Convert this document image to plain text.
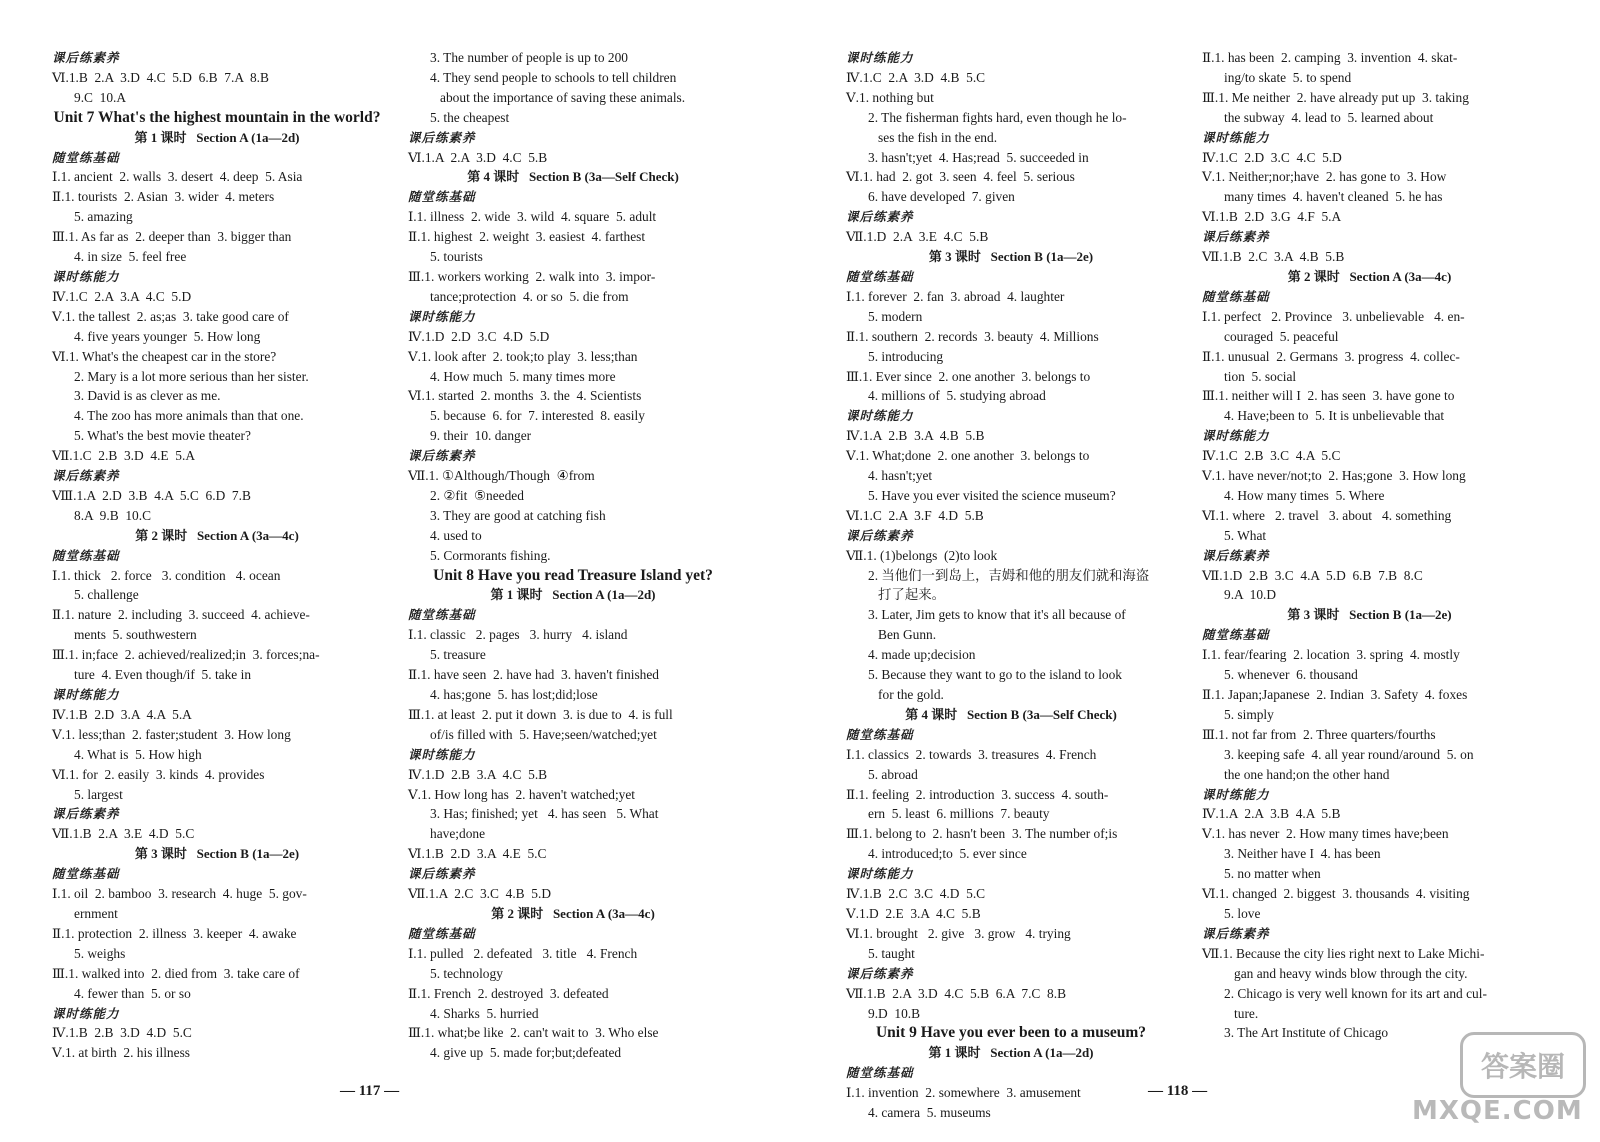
课后练素养
Ⅵ.1.B  2.A  3.D  4.C  5.D  6.B  7.A  8.B
9.C  10.A
Unit 7 What's the highest mountain in the world?
第 1 课时   Section A (1a—2d)
随堂练基础
Ⅰ.1. ancient  2. walls  3. desert  4. deep  5. Asia
Ⅱ.1. tourists  2. Asian  3. wider  4. meters
5. amazing
Ⅲ.1. As far as  2. deeper than  3. bigger than
4. in size  5. feel free
课时练能力
Ⅳ.1.C  2.A  3.A  4.C  5.D
Ⅴ.1. the tallest  2. as;as  3. take good care of
4. five years younger  5. How long
Ⅵ.1. What's the cheapest car in the store?
2. Mary is a lot more serious than her sister.
3. David is as clever as me.
4. The zoo has more animals than that one.
5. What's the best movie theater?
Ⅶ.1.C  2.B  3.D  4.E  5.A
课后练素养
Ⅷ.1.A  2.D  3.B  4.A  5.C  6.D  7.B
8.A  9.B  10.C
第 2 课时   Section A (3a—4c)
随堂练基础
Ⅰ.1. thick   2. force   3. condition   4. ocean
5. challenge
Ⅱ.1. nature  2. including  3. succeed  4. achieve-
ments  5. southwestern
Ⅲ.1. in;face  2. achieved/realized;in  3. forces;na-
ture  4. Even though/if  5. take in
课时练能力
Ⅳ.1.B  2.D  3.A  4.A  5.A
Ⅴ.1. less;than  2. faster;student  3. How long
4. What is  5. How high
Ⅵ.1. for  2. easily  3. kinds  4. provides
5. largest
课后练素养
Ⅶ.1.B  2.A  3.E  4.D  5.C
第 3 课时   Section B (1a—2e)
随堂练基础
Ⅰ.1. oil  2. bamboo  3. research  4. huge  5. gov-
ernment
Ⅱ.1. protection  2. illness  3. keeper  4. awake
5. weighs
Ⅲ.1. walked into  2. died from  3. take care of
4. fewer than  5. or so
课时练能力
Ⅳ.1.B  2.B  3.D  4.D  5.C
Ⅴ.1. at birth  2. his illness
3. The number of people is up to 200
4. They send people to schools to tell children
about the importance of saving these animals.
5. the cheapest
课后练素养
Ⅵ.1.A  2.A  3.D  4.C  5.B
第 4 课时   Section B (3a—Self Check)
随堂练基础
Ⅰ.1. illness  2. wide  3. wild  4. square  5. adult
Ⅱ.1. highest  2. weight  3. easiest  4. farthest
5. tourists
Ⅲ.1. workers working  2. walk into  3. impor-
tance;protection  4. or so  5. die from
课时练能力
Ⅳ.1.D  2.D  3.C  4.D  5.D
Ⅴ.1. look after  2. took;to play  3. less;than
4. How much  5. many times more
Ⅵ.1. started  2. months  3. the  4. Scientists
5. because  6. for  7. interested  8. easily
9. their  10. danger
课后练素养
Ⅶ.1. ①Although/Though  ④from
2. ②fit  ⑤needed
3. They are good at catching fish
4. used to
5. Cormorants fishing.
Unit 8 Have you read Treasure Island yet?
第 1 课时   Section A (1a—2d)
随堂练基础
Ⅰ.1. classic   2. pages   3. hurry   4. island
5. treasure
Ⅱ.1. have seen  2. have had  3. haven't finished
4. has;gone  5. has lost;did;lose
Ⅲ.1. at least  2. put it down  3. is due to  4. is full
of/is filled with  5. Have;seen/watched;yet
课时练能力
Ⅳ.1.D  2.B  3.A  4.C  5.B
Ⅴ.1. How long has  2. haven't watched;yet
3. Has; finished; yet   4. has seen   5. What
have;done
Ⅵ.1.B  2.D  3.A  4.E  5.C
课后练素养
Ⅶ.1.A  2.C  3.C  4.B  5.D
第 2 课时   Section A (3a—4c)
随堂练基础
Ⅰ.1. pulled   2. defeated   3. title   4. French
5. technology
Ⅱ.1. French  2. destroyed  3. defeated
4. Sharks  5. hurried
Ⅲ.1. what;be like  2. can't wait to  3. Who else
4. give up  5. made for;but;defeated
课时练能力
Ⅳ.1.C  2.A  3.D  4.B  5.C
Ⅴ.1. nothing but
2. The fisherman fights hard, even though he lo-
ses the fish in the end.
3. hasn't;yet  4. Has;read  5. succeeded in
Ⅵ.1. had  2. got  3. seen  4. feel  5. serious
6. have developed  7. given
课后练素养
Ⅶ.1.D  2.A  3.E  4.C  5.B
第 3 课时   Section B (1a—2e)
随堂练基础
Ⅰ.1. forever  2. fan  3. abroad  4. laughter
5. modern
Ⅱ.1. southern  2. records  3. beauty  4. Millions
5. introducing
Ⅲ.1. Ever since  2. one another  3. belongs to
4. millions of  5. studying abroad
课时练能力
Ⅳ.1.A  2.B  3.A  4.B  5.B
Ⅴ.1. What;done  2. one another  3. belongs to
4. hasn't;yet
5. Have you ever visited the science museum?
Ⅵ.1.C  2.A  3.F  4.D  5.B
课后练素养
Ⅶ.1. (1)belongs  (2)to look
2. 当他们一到岛上，吉姆和他的朋友们就和海盗
打了起来。
3. Later, Jim gets to know that it's all because of
Ben Gunn.
4. made up;decision
5. Because they want to go to the island to look
for the gold.
第 4 课时   Section B (3a—Self Check)
随堂练基础
Ⅰ.1. classics  2. towards  3. treasures  4. French
5. abroad
Ⅱ.1. feeling  2. introduction  3. success  4. south-
ern  5. least  6. millions  7. beauty
Ⅲ.1. belong to  2. hasn't been  3. The number of;is
4. introduced;to  5. ever since
课时练能力
Ⅳ.1.B  2.C  3.C  4.D  5.C
Ⅴ.1.D  2.E  3.A  4.C  5.B
Ⅵ.1. brought   2. give   3. grow   4. trying
5. taught
课后练素养
Ⅶ.1.B  2.A  3.D  4.C  5.B  6.A  7.C  8.B
9.D  10.B
Unit 9 Have you ever been to a museum?
第 1 课时   Section A (1a—2d)
随堂练基础
Ⅰ.1. invention  2. somewhere  3. amusement
4. camera  5. museums
Ⅱ.1. has been  2. camping  3. invention  4. skat-
ing/to skate  5. to spend
Ⅲ.1. Me neither  2. have already put up  3. taking
the subway  4. lead to  5. learned about
课时练能力
Ⅳ.1.C  2.D  3.C  4.C  5.D
Ⅴ.1. Neither;nor;have  2. has gone to  3. How
many times  4. haven't cleaned  5. he has
Ⅵ.1.B  2.D  3.G  4.F  5.A
课后练素养
Ⅶ.1.B  2.C  3.A  4.B  5.B
第 2 课时   Section A (3a—4c)
随堂练基础
Ⅰ.1. perfect   2. Province   3. unbelievable   4. en-
couraged  5. peaceful
Ⅱ.1. unusual  2. Germans  3. progress  4. collec-
tion  5. social
Ⅲ.1. neither will I  2. has seen  3. have gone to
4. Have;been to  5. It is unbelievable that
课时练能力
Ⅳ.1.C  2.B  3.C  4.A  5.C
Ⅴ.1. have never/not;to  2. Has;gone  3. How long
4. How many times  5. Where
Ⅵ.1. where   2. travel   3. about   4. something
5. What
课后练素养
Ⅶ.1.D  2.B  3.C  4.A  5.D  6.B  7.B  8.C
9.A  10.D
第 3 课时   Section B (1a—2e)
随堂练基础
Ⅰ.1. fear/fearing  2. location  3. spring  4. mostly
5. whenever  6. thousand
Ⅱ.1. Japan;Japanese  2. Indian  3. Safety  4. foxes
5. simply
Ⅲ.1. not far from  2. Three quarters/fourths
3. keeping safe  4. all year round/around  5. on
the one hand;on the other hand
课时练能力
Ⅳ.1.A  2.A  3.B  4.A  5.B
Ⅴ.1. has never  2. How many times have;been
3. Neither have I  4. has been
5. no matter when
Ⅵ.1. changed  2. biggest  3. thousands  4. visiting
5. love
课后练素养
Ⅶ.1. Because the city lies right next to Lake Michi-
gan and heavy winds blow through the city.
2. Chicago is very well known for its art and cul-
ture.
3. The Art Institute of Chicago
— 117 —	— 118 —
答案圈
MXQE.COM
